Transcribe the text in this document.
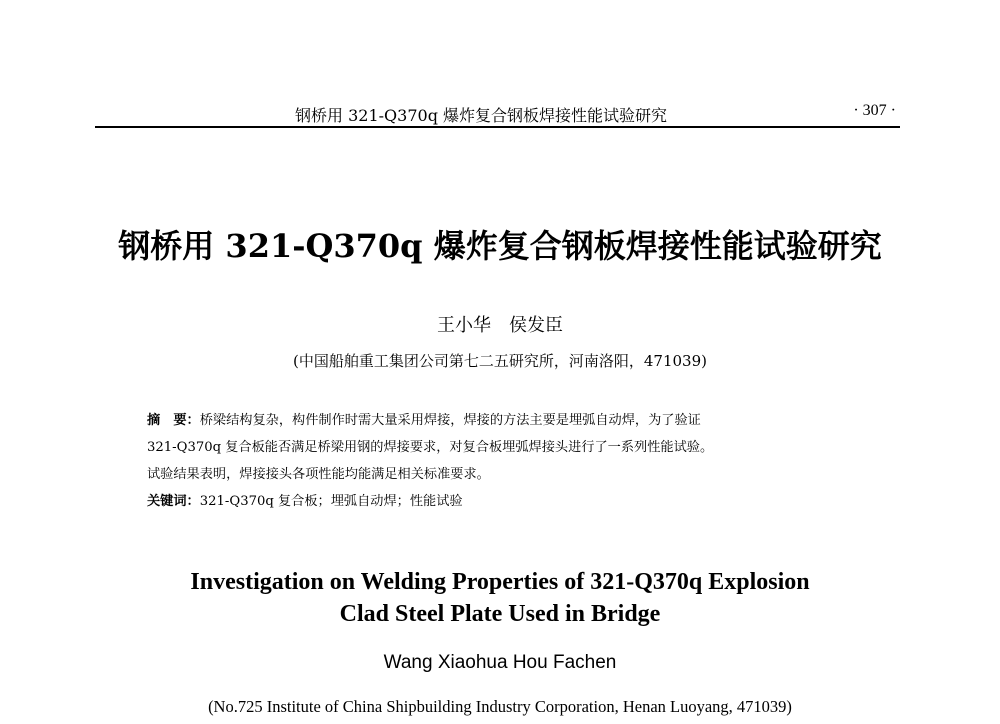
钢桥用 321-Q370q 爆炸复合钢板焊接性能试验研究	· 307 ·
钢桥用 321-Q370q 爆炸复合钢板焊接性能试验研究
王小华　侯发臣
(中国船舶重工集团公司第七二五研究所，河南洛阳，471039)
摘　要：桥梁结构复杂，构件制作时需大量采用焊接，焊接的方法主要是埋弧自动焊，为了验证
321-Q370q 复合板能否满足桥梁用钢的焊接要求，对复合板埋弧焊接头进行了一系列性能试验。
试验结果表明，焊接接头各项性能均能满足相关标准要求。
关键词：321-Q370q 复合板；埋弧自动焊；性能试验
Investigation on Welding Properties of 321-Q370q Explosion
Clad Steel Plate Used in Bridge
Wang Xiaohua Hou Fachen
(No.725 Institute of China Shipbuilding Industry Corporation, Henan Luoyang, 471039)
